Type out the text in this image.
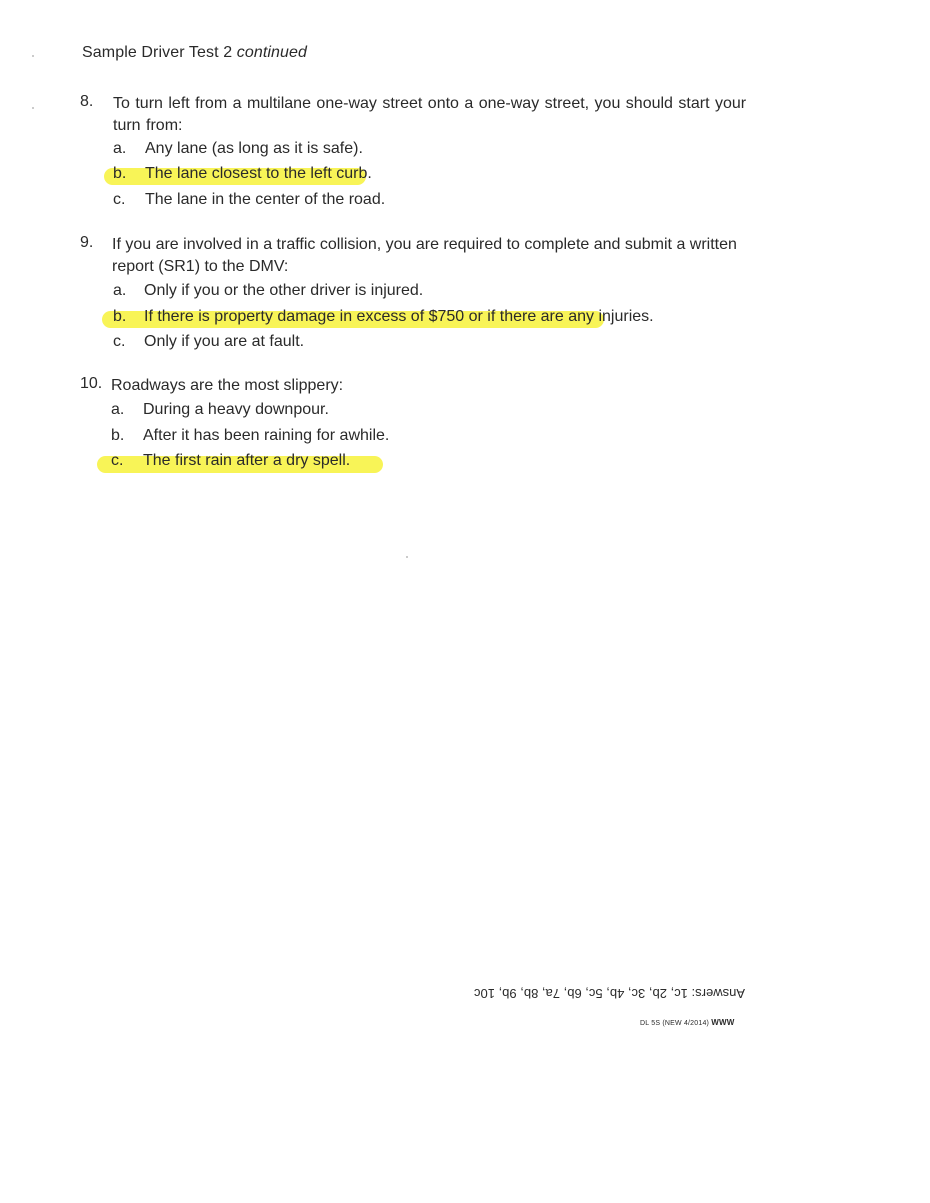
Sample Driver Test 2 continued
8.	To turn left from a multilane one-way street onto a one-way street, you should start your turn from:
a. Any lane (as long as it is safe).
b. The lane closest to the left curb.
c. The lane in the center of the road.
9.	If you are involved in a traffic collision, you are required to complete and submit a written report (SR1) to the DMV:
a. Only if you or the other driver is injured.
b. If there is property damage in excess of $750 or if there are any injuries.
c. Only if you are at fault.
10. Roadways are the most slippery:
a. During a heavy downpour.
b. After it has been raining for awhile.
c. The first rain after a dry spell.
Answers: 1c, 2b, 3c, 4b, 5c, 6b, 7a, 8b, 9b, 10c
DL 5S (NEW 4/2014) WWW
